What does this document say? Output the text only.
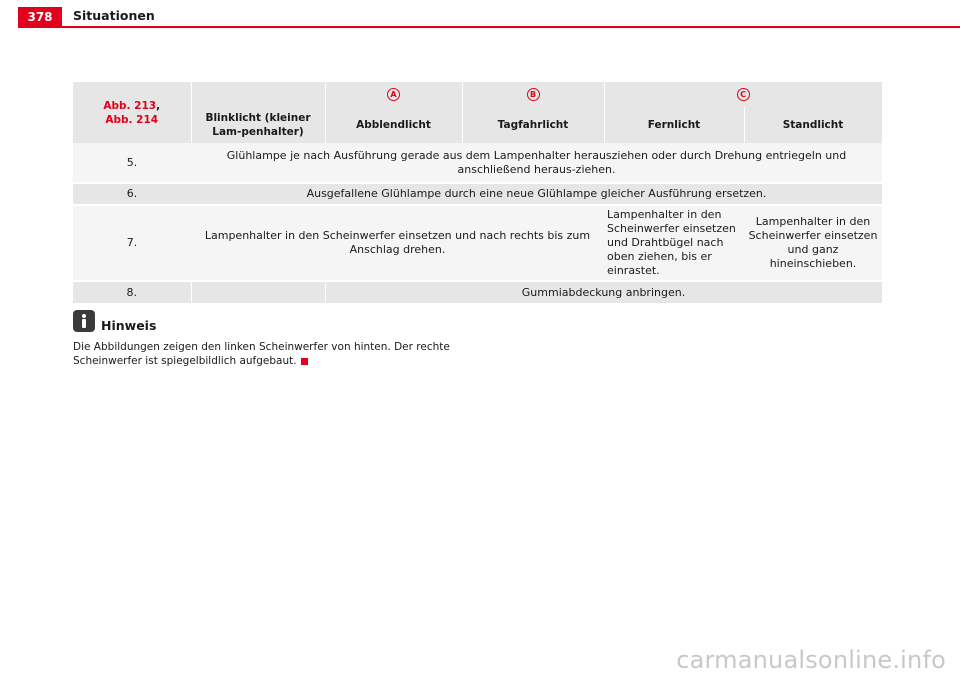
378	Situationen
Abb. 213,
Abb. 214		A	B	C	
	Blinklicht (kleiner Lam-penhalter)	Abblendlicht	Tagfahrlicht	Fernlicht	Standlicht
5.	Glühlampe je nach Ausführung gerade aus dem Lampenhalter herausziehen oder durch Drehung entriegeln und anschließend heraus-ziehen.				
6.	Ausgefallene Glühlampe durch eine neue Glühlampe gleicher Ausführung ersetzen.				
7.	Lampenhalter in den Scheinwerfer einsetzen und nach rechts bis zum Anschlag drehen.			Lampenhalter in den Scheinwerfer einsetzen und Drahtbügel nach oben ziehen, bis er einrastet.	Lampenhalter in den Scheinwerfer einsetzen und ganz hineinschieben.
8.		Gummiabdeckung anbringen.			
Hinweis
Die Abbildungen zeigen den linken Scheinwerfer von hinten. Der rechte Scheinwerfer ist spiegelbildlich aufgebaut.
carmanualsonline.info
